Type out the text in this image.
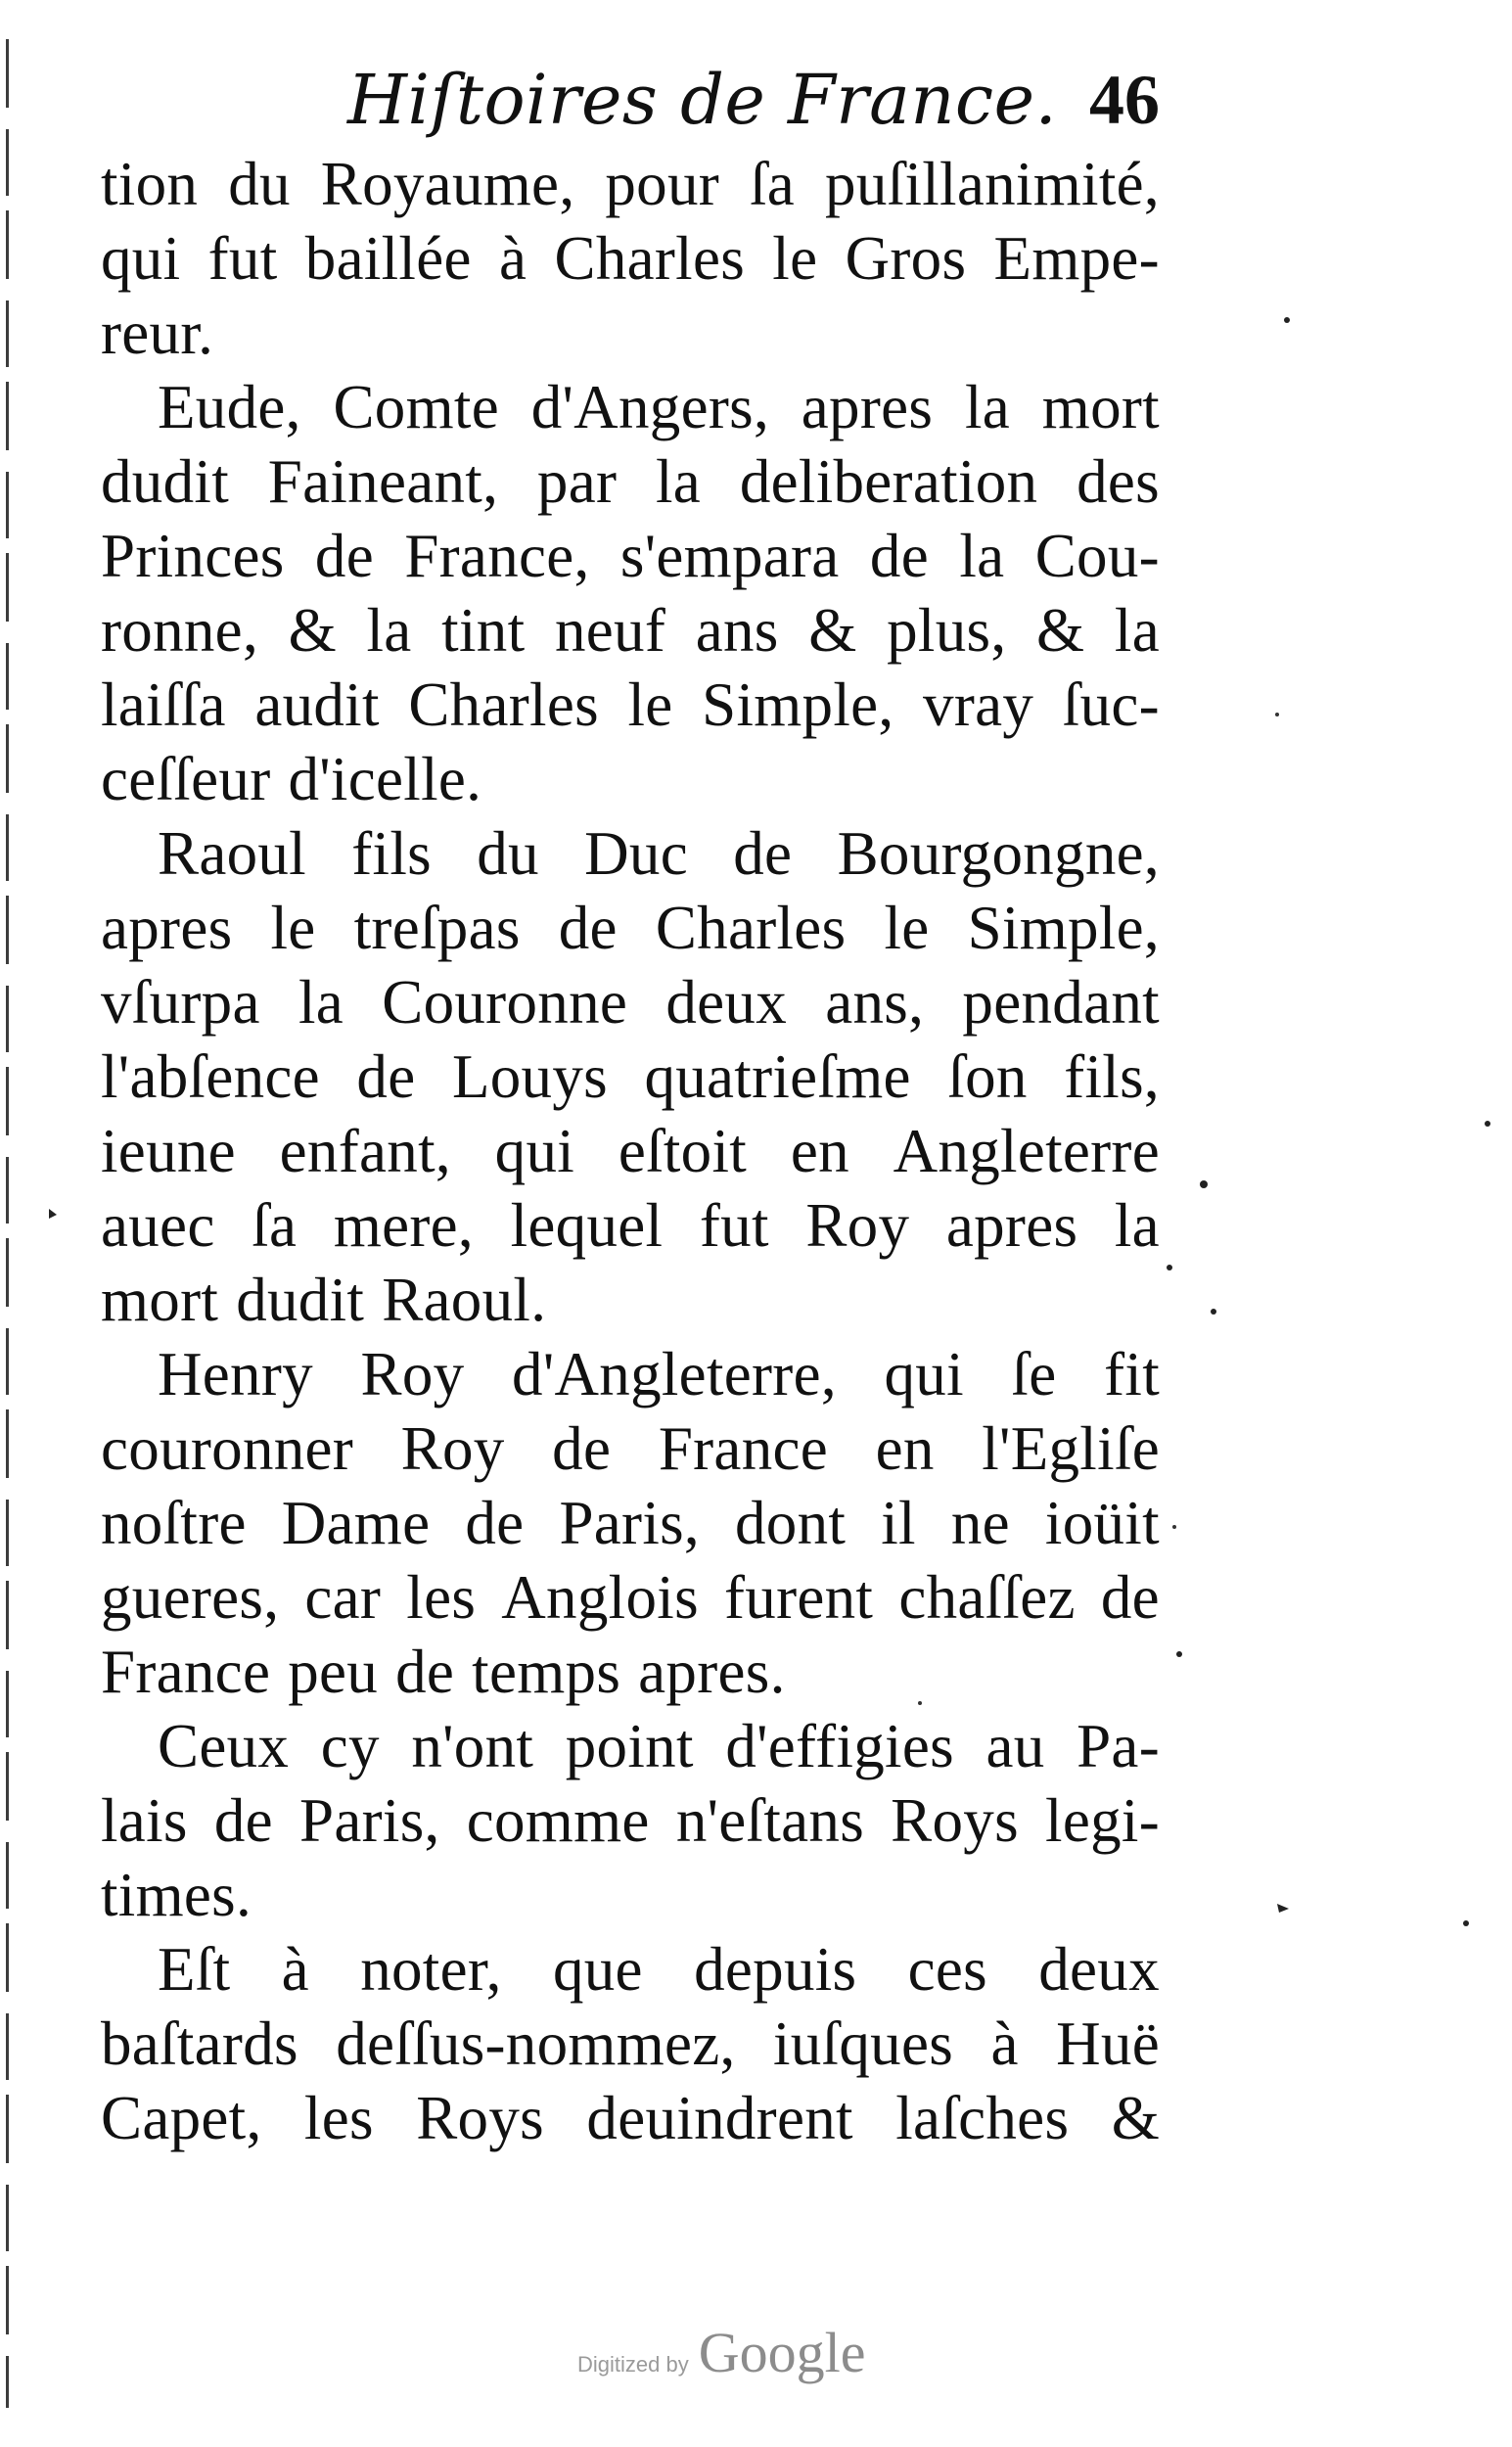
Hiſtoires de France. 46
tion du Royaume, pour ſa puſillanimité,
qui fut baillée à Charles le Gros Empe-
reur.
Eude, Comte d'Angers, apres la mort
dudit Faineant, par la deliberation des
Princes de France, s'empara de la Cou-
ronne, & la tint neuf ans & plus, & la
laiſſa audit Charles le Simple, vray ſuc-
ceſſeur d'icelle.
Raoul fils du Duc de Bourgongne,
apres le treſpas de Charles le Simple,
vſurpa la Couronne deux ans, pendant
l'abſence de Louys quatrieſme ſon fils,
ieune enfant, qui eſtoit en Angleterre
auec ſa mere, lequel fut Roy apres la
mort dudit Raoul.
Henry Roy d'Angleterre, qui ſe fit
couronner Roy de France en l'Egliſe
noſtre Dame de Paris, dont il ne ioüit
gueres, car les Anglois furent chaſſez de
France peu de temps apres.
Ceux cy n'ont point d'effigies au Pa-
lais de Paris, comme n'eſtans Roys legi-
times.
Eſt à noter, que depuis ces deux
baſtards deſſus-nommez, iuſques à Huë
Capet, les Roys deuindrent laſches &
Digitized by Google
